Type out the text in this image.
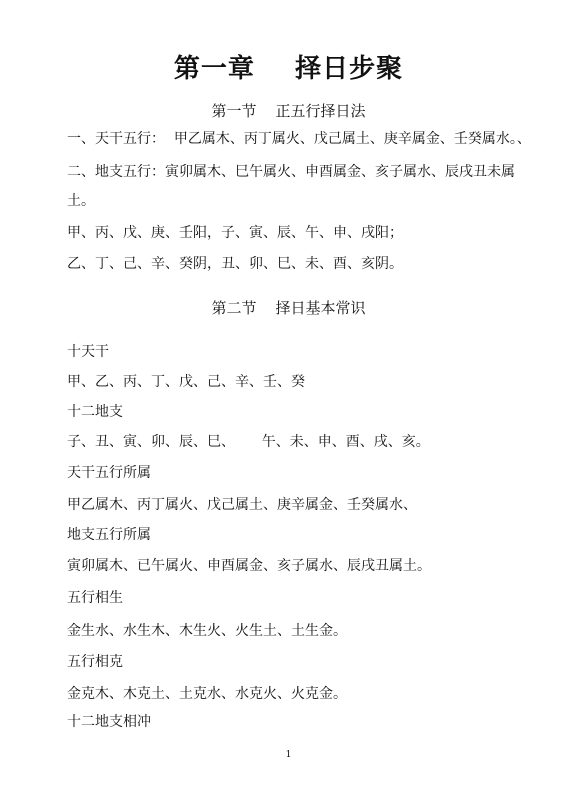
第一章    择日步聚
第一节    正五行择日法
一、天干五行：  甲乙属木、丙丁属火、戊己属土、庚辛属金、壬癸属水。、
二、地支五行：寅卯属木、巳午属火、申酉属金、亥子属水、辰戌丑未属
土。
甲、丙、戊、庚、壬阳，子、寅、辰、午、申、戌阳；
乙、丁、己、辛、癸阴，丑、卯、巳、未、酉、亥阴。
第二节    择日基本常识
十天干
甲、乙、丙、丁、戊、己、辛、壬、癸
十二地支
子、丑、寅、卯、辰、巳、      午、未、申、酉、戌、亥。
天干五行所属
甲乙属木、丙丁属火、戊己属土、庚辛属金、壬癸属水、
地支五行所属
寅卯属木、已午属火、申酉属金、亥子属水、辰戌丑属土。
五行相生
金生水、水生木、木生火、火生土、土生金。
五行相克
金克木、木克土、土克水、水克火、火克金。
十二地支相冲
1
